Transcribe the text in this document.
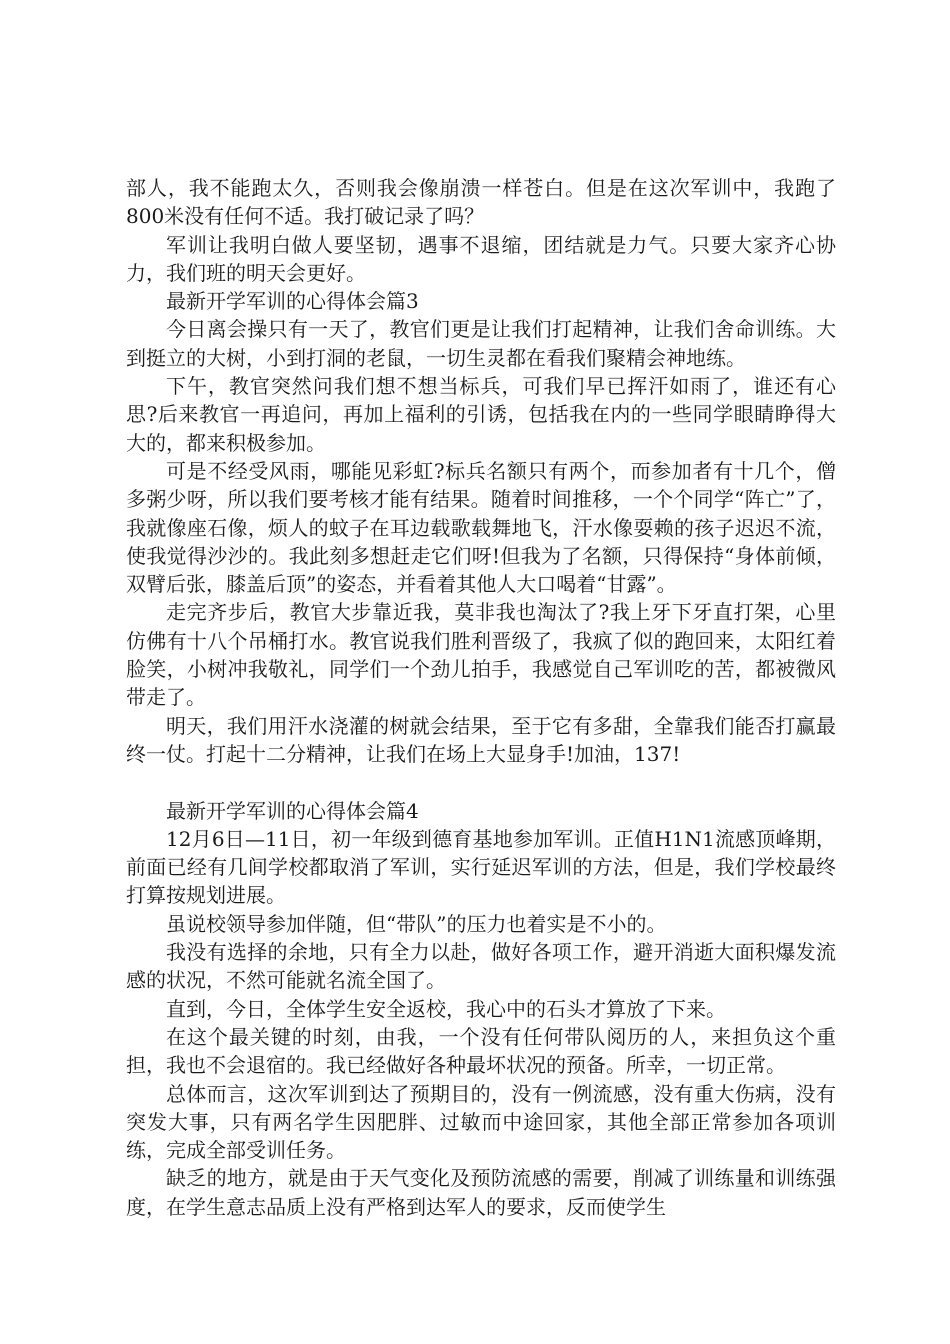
部人，我不能跑太久，否则我会像崩溃一样苍白。但是在这次军训中，我跑了800米没有任何不适。我打破记录了吗？

军训让我明白做人要坚韧，遇事不退缩，团结就是力气。只要大家齐心协力，我们班的明天会更好。

最新开学军训的心得体会篇3

今日离会操只有一天了，教官们更是让我们打起精神，让我们舍命训练。大到挺立的大树，小到打洞的老鼠，一切生灵都在看我们聚精会神地练。

下午，教官突然问我们想不想当标兵，可我们早已挥汗如雨了，谁还有心思?后来教官一再追问，再加上福利的引诱，包括我在内的一些同学眼睛睁得大大的，都来积极参加。

可是不经受风雨，哪能见彩虹?标兵名额只有两个，而参加者有十几个，僧多粥少呀，所以我们要考核才能有结果。随着时间推移，一个个同学“阵亡”了，我就像座石像，烦人的蚊子在耳边载歌载舞地飞，汗水像耍赖的孩子迟迟不流，使我觉得沙沙的。我此刻多想赶走它们呀!但我为了名额，只得保持“身体前倾，双臂后张，膝盖后顶”的姿态，并看着其他人大口喝着“甘露”。

走完齐步后，教官大步靠近我，莫非我也淘汰了?我上牙下牙直打架，心里仿佛有十八个吊桶打水。教官说我们胜利晋级了，我疯了似的跑回来，太阳红着脸笑，小树冲我敬礼，同学们一个劲儿拍手，我感觉自己军训吃的苦，都被微风带走了。

明天，我们用汗水浇灌的树就会结果，至于它有多甜，全靠我们能否打赢最终一仗。打起十二分精神，让我们在场上大显身手!加油，137!

最新开学军训的心得体会篇4

12月6日—11日，初一年级到德育基地参加军训。正值H1N1流感顶峰期，前面已经有几间学校都取消了军训，实行延迟军训的方法，但是，我们学校最终打算按规划进展。

虽说校领导参加伴随，但“带队”的压力也着实是不小的。

我没有选择的余地，只有全力以赴，做好各项工作，避开消逝大面积爆发流感的状况，不然可能就名流全国了。

直到，今日，全体学生安全返校，我心中的石头才算放了下来。

在这个最关键的时刻，由我，一个没有任何带队阅历的人，来担负这个重担，我也不会退宿的。我已经做好各种最坏状况的预备。所幸，一切正常。

总体而言，这次军训到达了预期目的，没有一例流感，没有重大伤病，没有突发大事，只有两名学生因肥胖、过敏而中途回家，其他全部正常参加各项训练，完成全部受训任务。

缺乏的地方，就是由于天气变化及预防流感的需要，削减了训练量和训练强度，在学生意志品质上没有严格到达军人的要求，反而使学生
